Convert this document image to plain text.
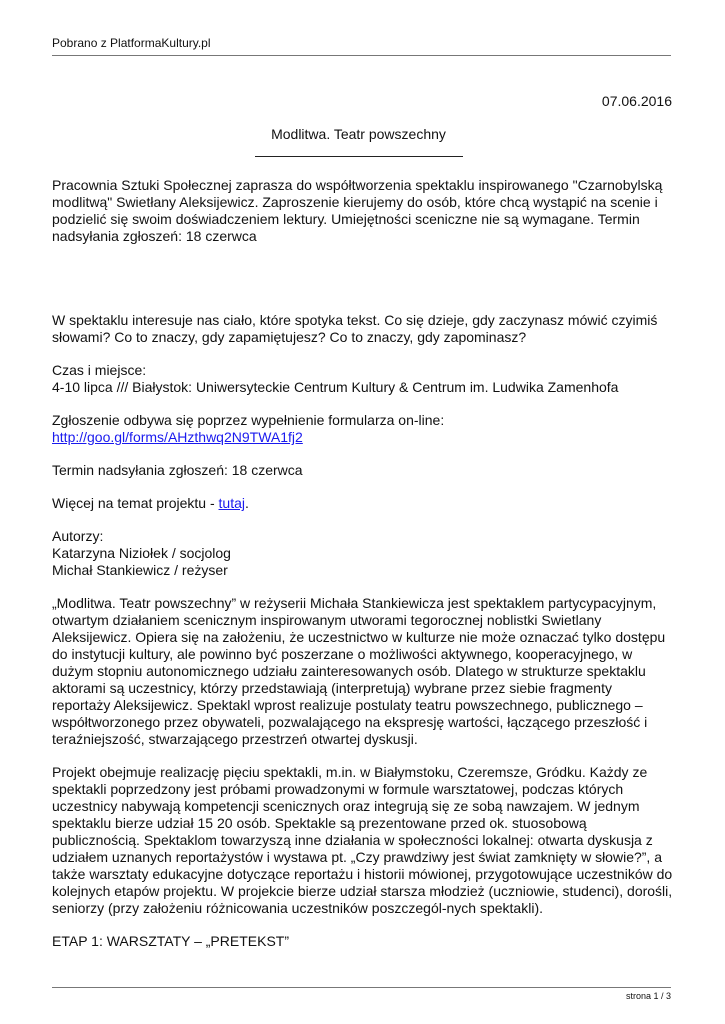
Pobrano z PlatformaKultury.pl
07.06.2016
Modlitwa. Teatr powszechny

Pracownia Sztuki Społecznej zaprasza do współtworzenia spektaklu inspirowanego "Czarnobylską modlitwą" Swietłany Aleksijewicz. Zaproszenie kierujemy do osób, które chcą wystąpić na scenie i podzielić się swoim doświadczeniem lektury. Umiejętności sceniczne nie są wymagane. Termin nadsyłania zgłoszeń: 18 czerwca

W spektaklu interesuje nas ciało, które spotyka tekst. Co się dzieje, gdy zaczynasz mówić czyimiś słowami? Co to znaczy, gdy zapamiętujesz? Co to znaczy, gdy zapominasz?

Czas i miejsce:

4-10 lipca /// Białystok: Uniwersyteckie Centrum Kultury & Centrum im. Ludwika Zamenhofa

Zgłoszenie odbywa się poprzez wypełnienie formularza on-line:

http://goo.gl/forms/AHzthwq2N9TWA1fj2

Termin nadsyłania zgłoszeń: 18 czerwca

Więcej na temat projektu - tutaj.

Autorzy:

Katarzyna Niziołek / socjolog

Michał Stankiewicz / reżyser

„Modlitwa. Teatr powszechny” w reżyserii Michała Stankiewicza jest spektaklem partycypacyjnym, otwartym działaniem scenicznym inspirowanym utworami tegorocznej noblistki Swietlany Aleksijewicz. Opiera się na założeniu, że uczestnictwo w kulturze nie może oznaczać tylko dostępu do instytucji kultury, ale powinno być poszerzane o możliwości aktywnego, kooperacyjnego, w dużym stopniu autonomicznego udziału zainteresowanych osób. Dlatego w strukturze spektaklu aktorami są uczestnicy, którzy przedstawiają (interpretują) wybrane przez siebie fragmenty reportaży Aleksijewicz. Spektakl wprost realizuje postulaty teatru powszechnego, publicznego – współtworzonego przez obywateli, pozwalającego na ekspresję wartości, łączącego przeszłość i teraźniejszość, stwarzającego przestrzeń otwartej dyskusji.

Projekt obejmuje realizację pięciu spektakli, m.in. w Białymstoku, Czeremsze, Gródku. Każdy ze spektakli poprzedzony jest próbami prowadzonymi w formule warsztatowej, podczas których uczestnicy nabywają kompetencji scenicznych oraz integrują się ze sobą nawzajem. W jednym spektaklu bierze udział 15 20 osób. Spektakle są prezentowane przed ok. stuosobową publicznością. Spektaklom towarzyszą inne działania w społeczności lokalnej: otwarta dyskusja z udziałem uznanych reportażystów i wystawa pt. „Czy prawdziwy jest świat zamknięty w słowie?”, a także warsztaty edukacyjne dotyczące reportażu i historii mówionej, przygotowujące uczestników do kolejnych etapów projektu. W projekcie bierze udział starsza młodzież (uczniowie, studenci), dorośli, seniorzy (przy założeniu różnicowania uczestników poszczegól-nych spektakli).

ETAP 1: WARSZTATY – „PRETEKST”

strona 1 / 3
